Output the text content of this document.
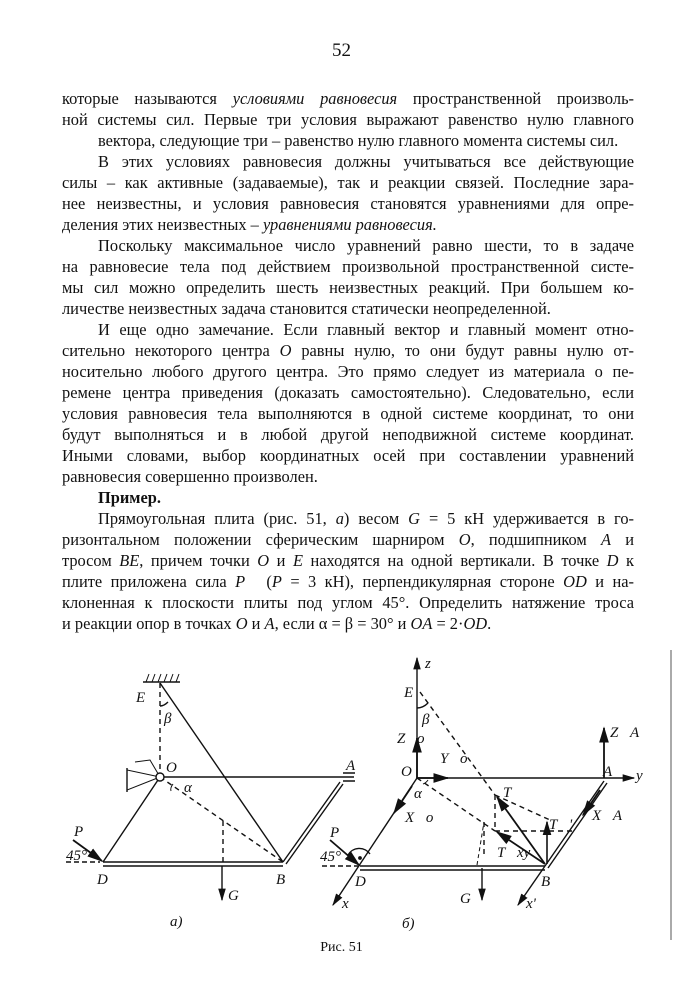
52
которые называются условиями равновесия пространственной произволь-
ной системы сил. Первые три условия выражают равенство нулю главного
вектора, следующие три – равенство нулю главного момента системы сил.
В этих условиях равновесия должны учитываться все действующие
силы – как активные (задаваемые), так и реакции связей. Последние зара-
нее неизвестны, и условия равновесия становятся уравнениями для опре-
деления этих неизвестных – уравнениями равновесия.
Поскольку максимальное число уравнений равно шести, то в задаче
на равновесие тела под действием произвольной пространственной систе-
мы сил можно определить шесть неизвестных реакций. При большем ко-
личестве неизвестных задача становится статически неопределенной.
И еще одно замечание. Если главный вектор и главный момент отно-
сительно некоторого центра O равны нулю, то они будут равны нулю от-
носительно любого другого центра. Это прямо следует из материала о пе-
ремене центра приведения (доказать самостоятельно). Следовательно, если
условия равновесия тела выполняются в одной системе координат, то они
будут выполняться и в любой другой неподвижной системе координат.
Иными словами, выбор координатных осей при составлении уравнений
равновесия совершенно произволен.
Пример.
Прямоугольная плита (рис. 51, а) весом G = 5 кН удерживается в го-
ризонтальном положении сферическим шарниром O, подшипником A и
тросом BE, причем точки O и E находятся на одной вертикали. В точке D к
плите приложена сила P⃗ (P = 3 кН), перпендикулярная стороне OD и на-
клоненная к плоскости плиты под углом 45°. Определить натяжение троса
и реакции опор в точках O и A, если α = β = 30° и OA = 2·OD.
E
β
O
α
A
P⃗
45°
D	B
G⃗
а)
z
E
β
Z⃗o
Y⃗o
O
α
X⃗o
A y
Z⃗A
X⃗A
T⃗
T⃗'
T⃗xy
P⃗
45°
D	B
G⃗
x	x'
б)
Рис. 51
